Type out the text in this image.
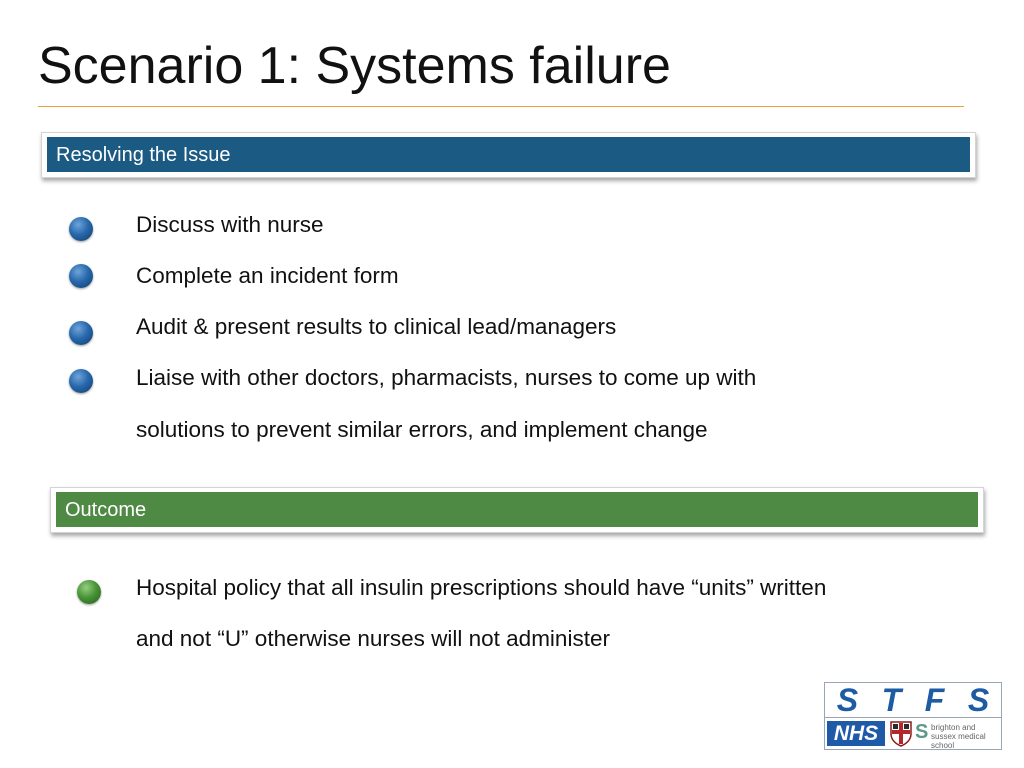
Scenario 1: Systems failure
Resolving the Issue
Discuss with nurse
Complete an incident form
Audit & present results to clinical lead/managers
Liaise with other doctors, pharmacists, nurses to come up with
solutions to prevent similar errors, and implement change
Outcome
Hospital policy that all insulin prescriptions should have “units” written
and not “U” otherwise nurses will not administer
S T F S
NHS	S brighton and sussex medical school
